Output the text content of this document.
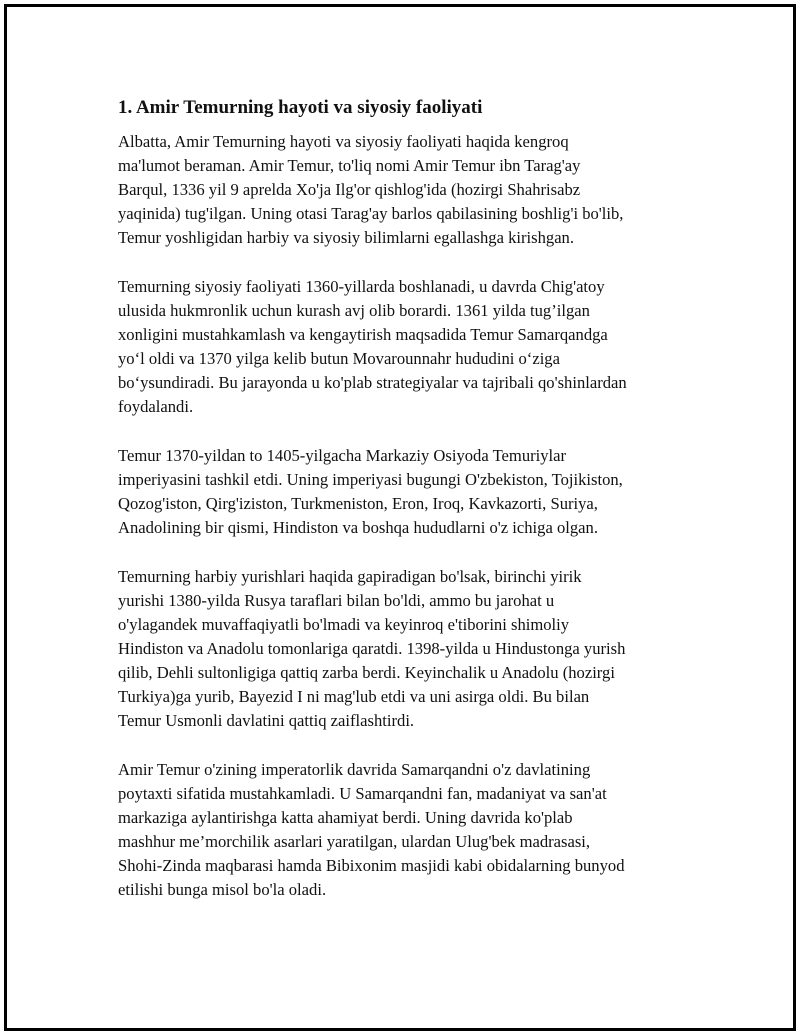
1. Amir Temurning hayoti va siyosiy faoliyati

Albatta, Amir Temurning hayoti va siyosiy faoliyati haqida kengroq
ma'lumot beraman. Amir Temur, to'liq nomi Amir Temur ibn Tarag'ay
Barqul, 1336 yil 9 aprelda Xo'ja Ilg'or qishlog'ida (hozirgi Shahrisabz
yaqinida) tug'ilgan. Uning otasi Tarag'ay barlos qabilasining boshlig'i bo'lib,
Temur yoshligidan harbiy va siyosiy bilimlarni egallashga kirishgan.

Temurning siyosiy faoliyati 1360-yillarda boshlanadi, u davrda Chig'atoy
ulusida hukmronlik uchun kurash avj olib borardi. 1361 yilda tug’ilgan
xonligini mustahkamlash va kengaytirish maqsadida Temur Samarqandga
yo‘l oldi va 1370 yilga kelib butun Movarounnahr hududini o‘ziga
bo‘ysundiradi. Bu jarayonda u ko'plab strategiyalar va tajribali qo'shinlardan
foydalandi.

Temur 1370-yildan to 1405-yilgacha Markaziy Osiyoda Temuriylar
imperiyasini tashkil etdi. Uning imperiyasi bugungi O'zbekiston, Tojikiston,
Qozog'iston, Qirg'iziston, Turkmeniston, Eron, Iroq, Kavkazorti, Suriya,
Anadolining bir qismi, Hindiston va boshqa hududlarni o'z ichiga olgan.

Temurning harbiy yurishlari haqida gapiradigan bo'lsak, birinchi yirik
yurishi 1380-yilda Rusya taraflari bilan bo'ldi, ammo bu jarohat u
o'ylagandek muvaffaqiyatli bo'lmadi va keyinroq e'tiborini shimoliy
Hindiston va Anadolu tomonlariga qaratdi. 1398-yilda u Hindustonga yurish
qilib, Dehli sultonligiga qattiq zarba berdi. Keyinchalik u Anadolu (hozirgi
Turkiya)ga yurib, Bayezid I ni mag'lub etdi va uni asirga oldi. Bu bilan
Temur Usmonli davlatini qattiq zaiflashtirdi.

Amir Temur o'zining imperatorlik davrida Samarqandni o'z davlatining
poytaxti sifatida mustahkamladi. U Samarqandni fan, madaniyat va san'at
markaziga aylantirishga katta ahamiyat berdi. Uning davrida ko'plab
mashhur me’morchilik asarlari yaratilgan, ulardan Ulug'bek madrasasi,
Shohi-Zinda maqbarasi hamda Bibixonim masjidi kabi obidalarning bunyod
etilishi bunga misol bo'la oladi.
